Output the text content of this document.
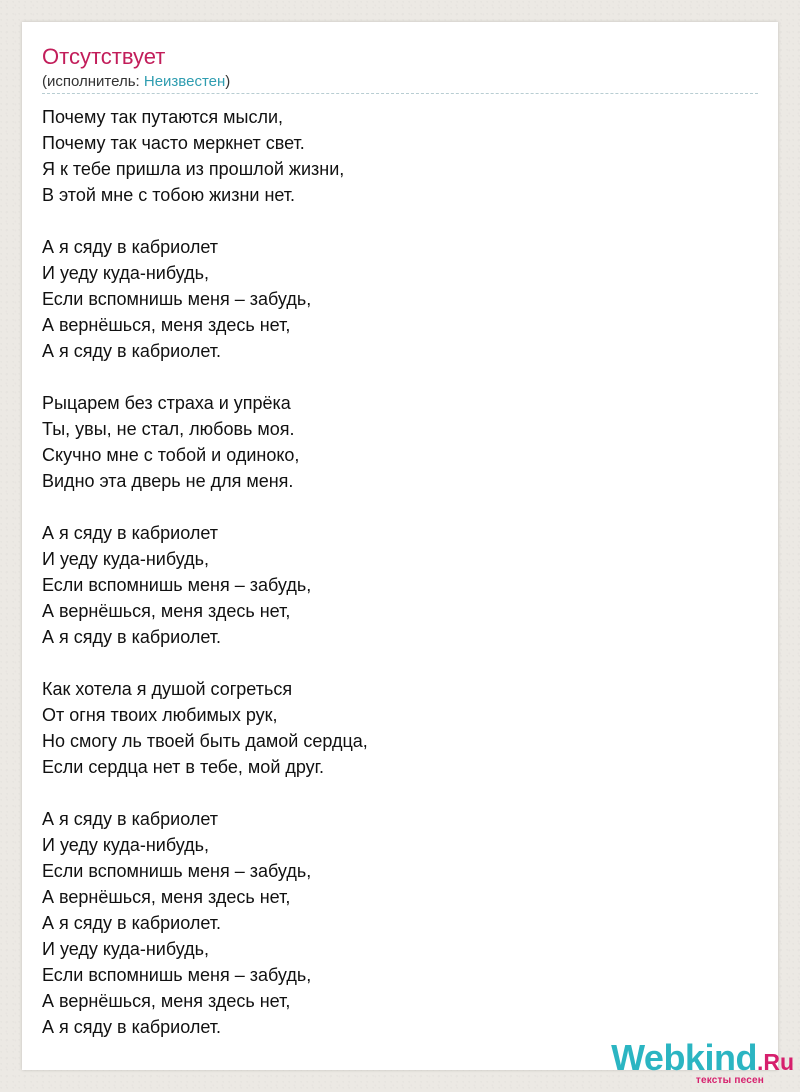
Отсутствует
(исполнитель: Неизвестен)
Почему так путаются мысли,
Почему так часто меркнет свет.
Я к тебе пришла из прошлой жизни,
В этой мне с тобою жизни нет.

А я сяду в кабриолет
И уеду куда-нибудь,
Если вспомнишь меня – забудь,
А вернёшься, меня здесь нет,
А я сяду в кабриолет.

Рыцарем без страха и упрёка
Ты, увы, не стал, любовь моя.
Скучно мне с тобой и одиноко,
Видно эта дверь не для меня.

А я сяду в кабриолет
И уеду куда-нибудь,
Если вспомнишь меня – забудь,
А вернёшься, меня здесь нет,
А я сяду в кабриолет.

Как хотела я душой согреться
От огня твоих любимых рук,
Но смогу ль твоей быть дамой сердца,
Если сердца нет в тебе, мой друг.

А я сяду в кабриолет
И уеду куда-нибудь,
Если вспомнишь меня – забудь,
А вернёшься, меня здесь нет,
А я сяду в кабриолет.
И уеду куда-нибудь,
Если вспомнишь меня – забудь,
А вернёшься, меня здесь нет,
А я сяду в кабриолет.
Webkind.Ru
тексты песен
